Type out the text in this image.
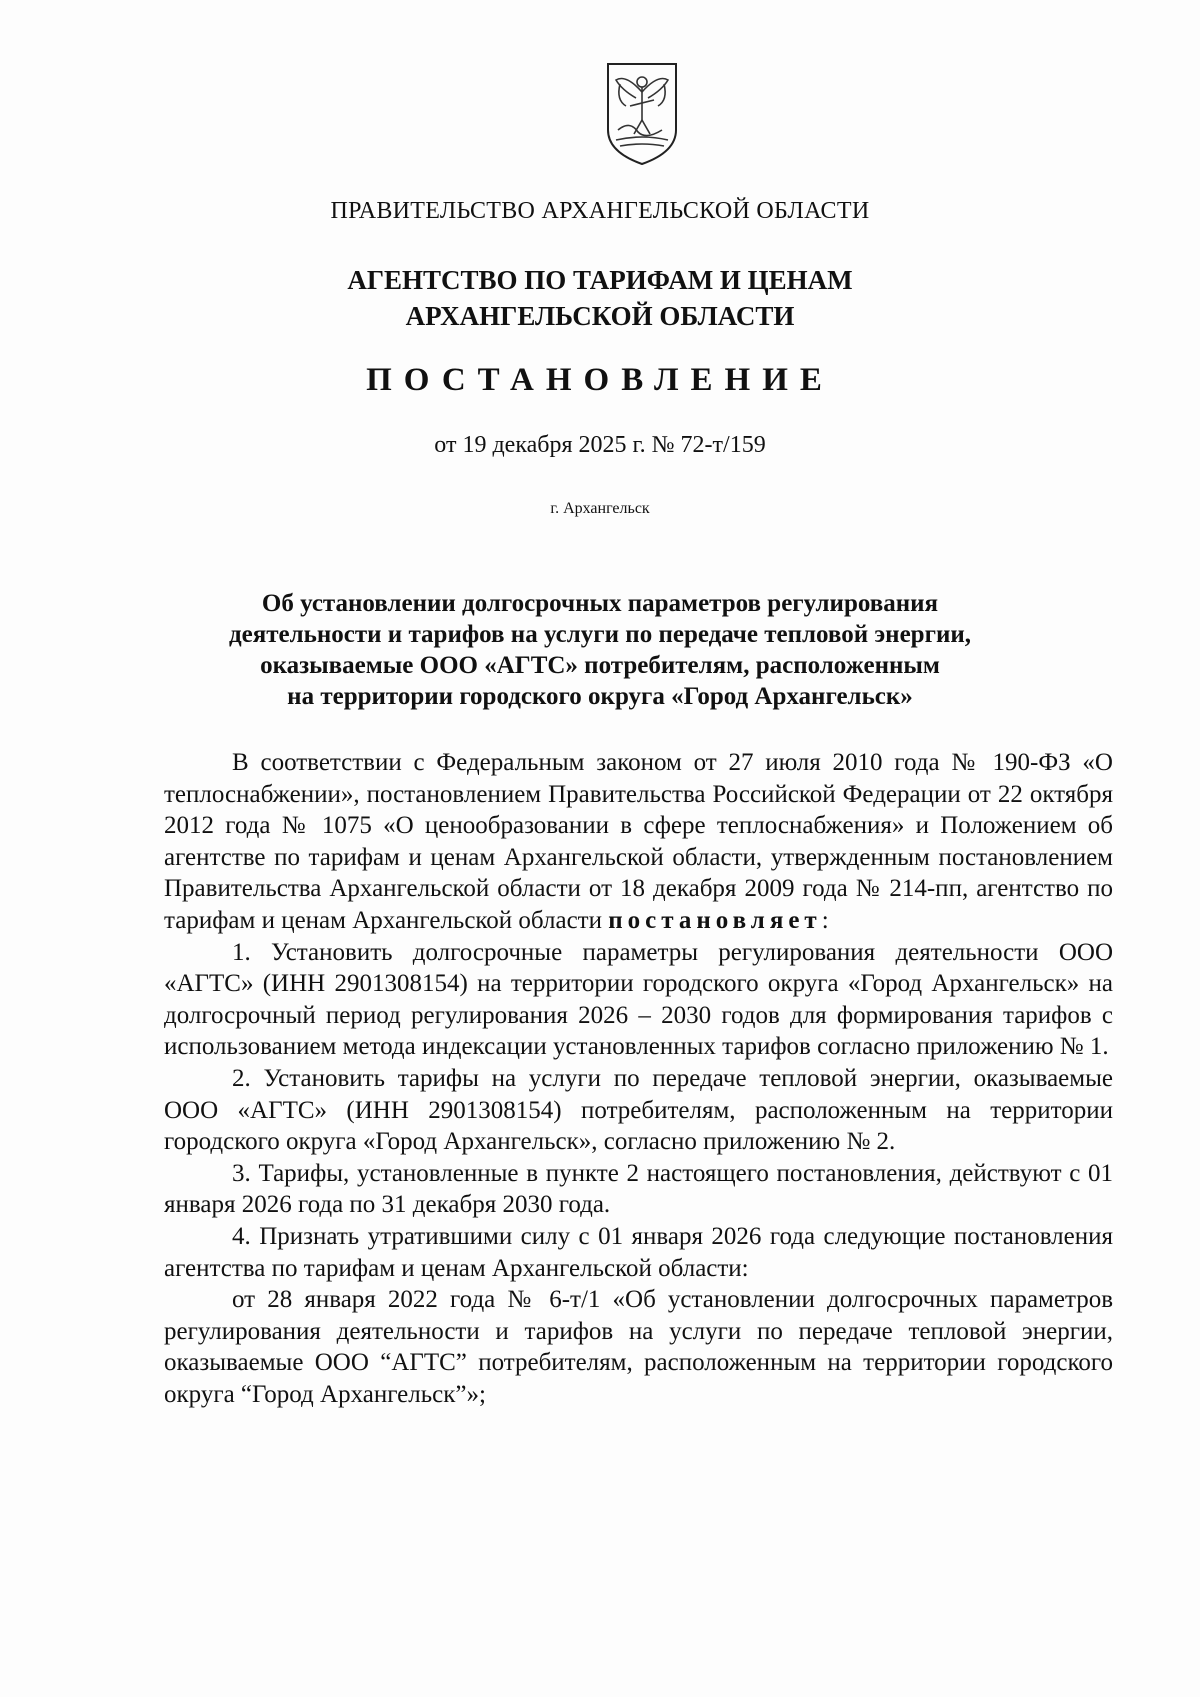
ПРАВИТЕЛЬСТВО АРХАНГЕЛЬСКОЙ ОБЛАСТИ
АГЕНТСТВО ПО ТАРИФАМ И ЦЕНАМ
АРХАНГЕЛЬСКОЙ ОБЛАСТИ
ПОСТАНОВЛЕНИЕ
от 19 декабря 2025 г. № 72-т/159
г. Архангельск
Об установлении долгосрочных параметров регулирования
деятельности и тарифов на услуги по передаче тепловой энергии,
оказываемые ООО «АГТС» потребителям, расположенным
на территории городского округа «Город Архангельск»

В соответствии с Федеральным законом от 27 июля 2010 года № 190-ФЗ «О теплоснабжении», постановлением Правительства Российской Федерации от 22 октября 2012 года № 1075 «О ценообразовании в сфере теплоснабжения» и Положением об агентстве по тарифам и ценам Архангельской области, утвержденным постановлением Правительства Архангельской области от 18 декабря 2009 года № 214-пп, агентство по тарифам и ценам Архангельской области постановляет:

1. Установить долгосрочные параметры регулирования деятельности ООО «АГТС» (ИНН 2901308154) на территории городского округа «Город Архангельск» на долгосрочный период регулирования 2026 – 2030 годов для формирования тарифов с использованием метода индексации установленных тарифов согласно приложению № 1.

2. Установить тарифы на услуги по передаче тепловой энергии, оказываемые ООО «АГТС» (ИНН 2901308154) потребителям, расположенным на территории городского округа «Город Архангельск», согласно приложению № 2.

3. Тарифы, установленные в пункте 2 настоящего постановления, действуют с 01 января 2026 года по 31 декабря 2030 года.

4. Признать утратившими силу с 01 января 2026 года следующие постановления агентства по тарифам и ценам Архангельской области:

от 28 января 2022 года № 6-т/1 «Об установлении долгосрочных параметров регулирования деятельности и тарифов на услуги по передаче тепловой энергии, оказываемые ООО “АГТС” потребителям, расположенным на территории городского округа “Город Архангельск”»;
